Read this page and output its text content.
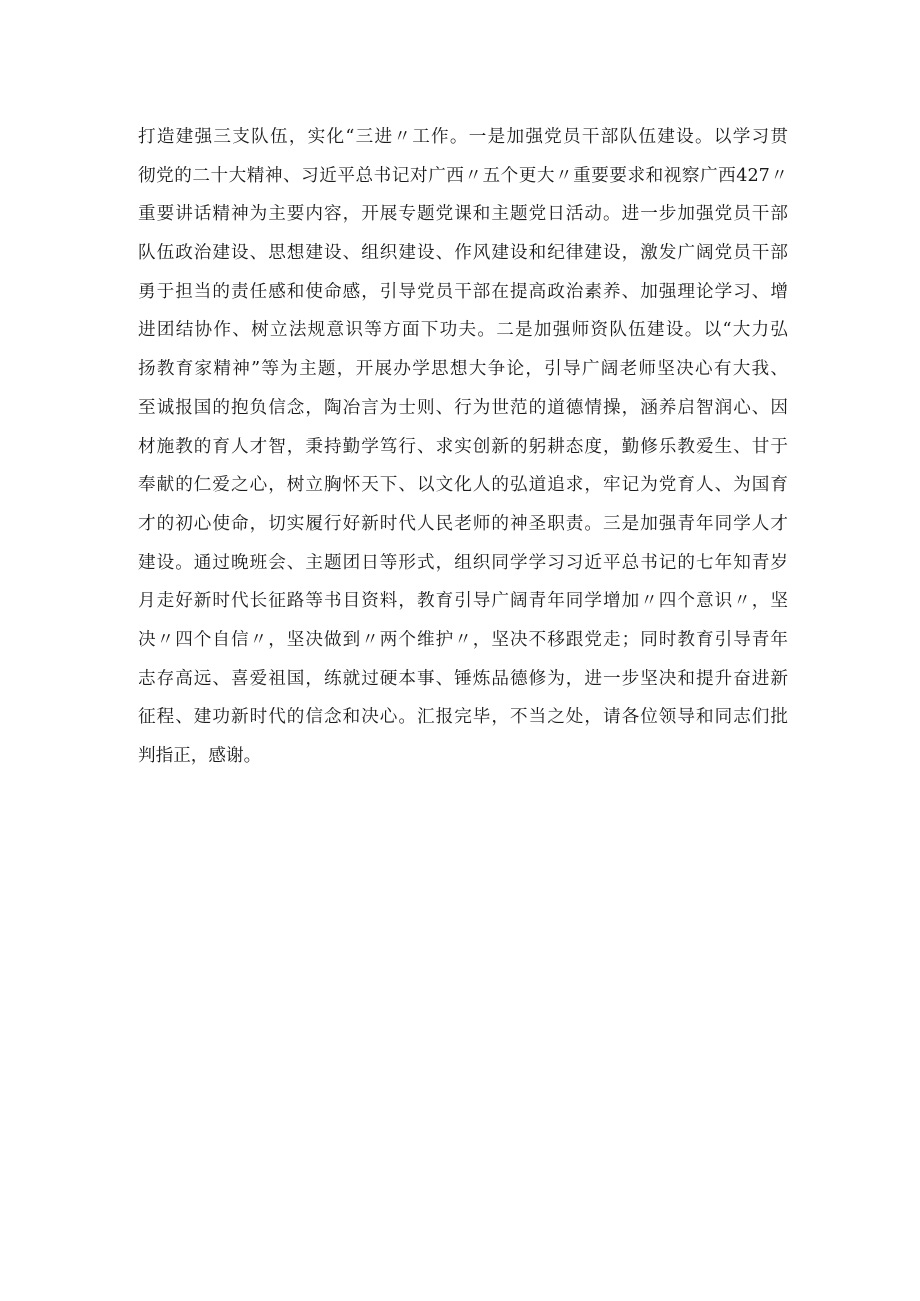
打造建强三支队伍，实化“三进〃工作。一是加强党员干部队伍建设。以学习贯
彻党的二十大精神、习近平总书记对广西〃五个更大〃重要要求和视察广西427〃
重要讲话精神为主要内容，开展专题党课和主题党日活动。进一步加强党员干部
队伍政治建设、思想建设、组织建设、作风建设和纪律建设，激发广阔党员干部
勇于担当的责任感和使命感，引导党员干部在提高政治素养、加强理论学习、增
进团结协作、树立法规意识等方面下功夫。二是加强师资队伍建设。以“大力弘
扬教育家精神”等为主题，开展办学思想大争论，引导广阔老师坚决心有大我、
至诚报国的抱负信念，陶冶言为士则、行为世范的道德情操，涵养启智润心、因
材施教的育人才智，秉持勤学笃行、求实创新的躬耕态度，勤修乐教爱生、甘于
奉献的仁爱之心，树立胸怀天下、以文化人的弘道追求，牢记为党育人、为国育
才的初心使命，切实履行好新时代人民老师的神圣职责。三是加强青年同学人才
建设。通过晚班会、主题团日等形式，组织同学学习习近平总书记的七年知青岁
月走好新时代长征路等书目资料，教育引导广阔青年同学增加〃四个意识〃，坚
决〃四个自信〃，坚决做到〃两个维护〃，坚决不移跟党走；同时教育引导青年
志存高远、喜爱祖国，练就过硬本事、锤炼品德修为，进一步坚决和提升奋进新
征程、建功新时代的信念和决心。汇报完毕，不当之处，请各位领导和同志们批
判指正，感谢。
